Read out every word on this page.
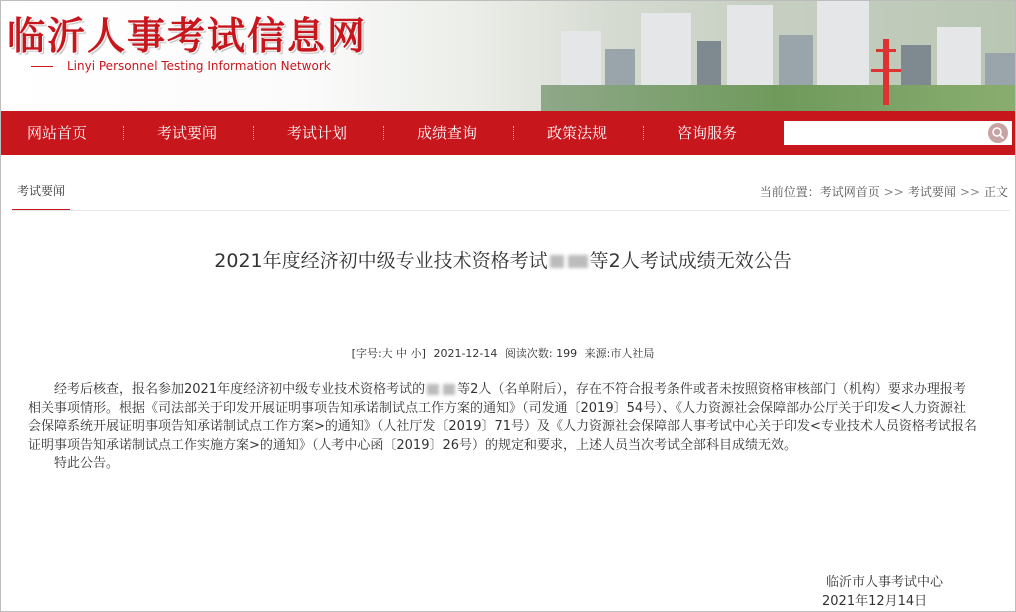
临沂人事考试信息网
Linyi Personnel Testing Information Network
网站首页	考试要闻	考试计划	成绩查询	政策法规	咨询服务
考试要闻	当前位置：考试网首页 >> 考试要闻 >> 正文
2021年度经济初中级专业技术资格考试 等2人考试成绩无效公告
[字号:大 中 小] 2021-12-14 阅读次数: 199 来源:市人社局

经考后核查，报名参加2021年度经济初中级专业技术资格考试的 等2人（名单附后），存在不符合报考条件或者未按照资格审核部门（机构）要求办理报考相关事项情形。根据《司法部关于印发开展证明事项告知承诺制试点工作方案的通知》（司发通〔2019〕54号）、《人力资源社会保障部办公厅关于印发<人力资源社会保障系统开展证明事项告知承诺制试点工作方案>的通知》（人社厅发〔2019〕71号）及《人力资源社会保障部人事考试中心关于印发<专业技术人员资格考试报名证明事项告知承诺制试点工作实施方案>的通知》（人考中心函〔2019〕26号）的规定和要求，上述人员当次考试全部科目成绩无效。

特此公告。

临沂市人事考试中心
2021年12月14日
